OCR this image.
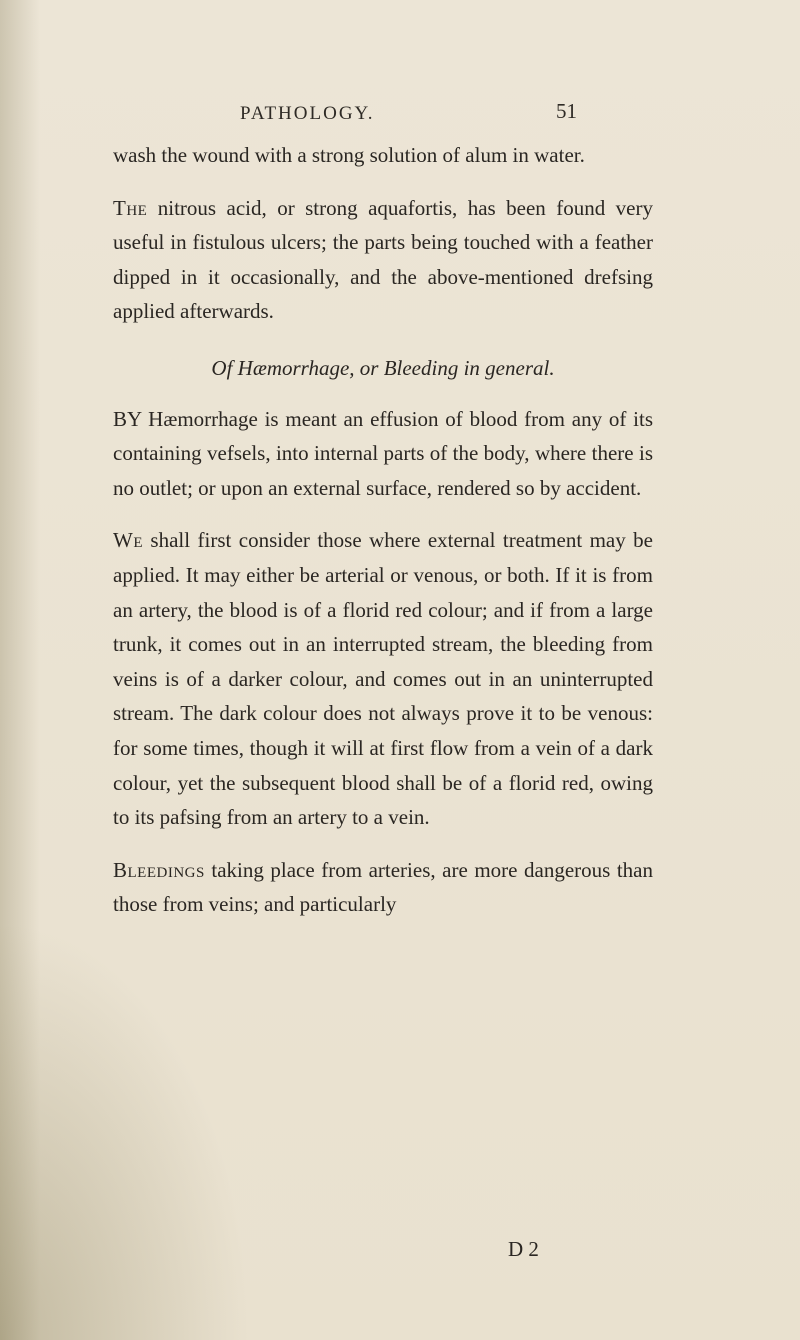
PATHOLOGY.	51

wash the wound with a strong solution of alum in water.

The nitrous acid, or strong aquafortis, has been found very useful in fistulous ulcers; the parts being touched with a feather dipped in it occasionally, and the above-mentioned drefsing applied afterwards.

Of Hæmorrhage, or Bleeding in general.

BY Hæmorrhage is meant an effusion of blood from any of its containing vefsels, into internal parts of the body, where there is no outlet; or upon an external surface, rendered so by accident.

We shall first consider those where external treatment may be applied. It may either be arterial or venous, or both. If it is from an artery, the blood is of a florid red colour; and if from a large trunk, it comes out in an interrupted stream, the bleeding from veins is of a darker colour, and comes out in an uninterrupted stream. The dark colour does not always prove it to be venous: for some times, though it will at first flow from a vein of a dark colour, yet the subsequent blood shall be of a florid red, owing to its pafsing from an artery to a vein.

Bleedings taking place from arteries, are more dangerous than those from veins; and particularly

D 2
